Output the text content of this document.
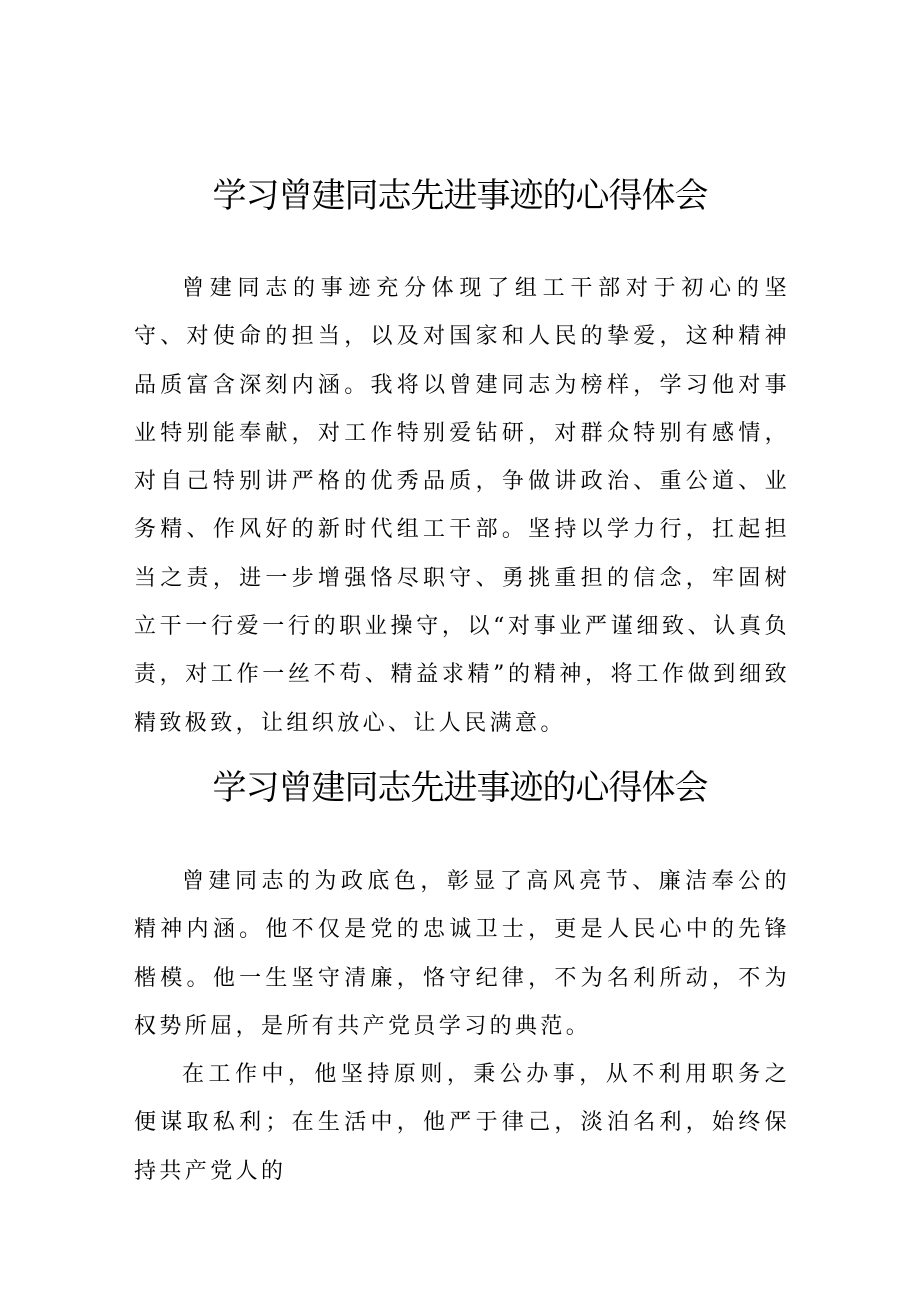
学习曾建同志先进事迹的心得体会

曾建同志的事迹充分体现了组工干部对于初心的坚守、对使命的担当，以及对国家和人民的挚爱，这种精神品质富含深刻内涵。我将以曾建同志为榜样，学习他对事业特别能奉献，对工作特别爱钻研，对群众特别有感情，对自己特别讲严格的优秀品质，争做讲政治、重公道、业务精、作风好的新时代组工干部。坚持以学力行，扛起担当之责，进一步增强恪尽职守、勇挑重担的信念，牢固树立干一行爱一行的职业操守，以“对事业严谨细致、认真负责，对工作一丝不苟、精益求精”的精神，将工作做到细致精致极致，让组织放心、让人民满意。

学习曾建同志先进事迹的心得体会

曾建同志的为政底色，彰显了高风亮节、廉洁奉公的精神内涵。他不仅是党的忠诚卫士，更是人民心中的先锋楷模。他一生坚守清廉，恪守纪律，不为名利所动，不为权势所屈，是所有共产党员学习的典范。

在工作中，他坚持原则，秉公办事，从不利用职务之便谋取私利；在生活中，他严于律己，淡泊名利，始终保持共产党人的
